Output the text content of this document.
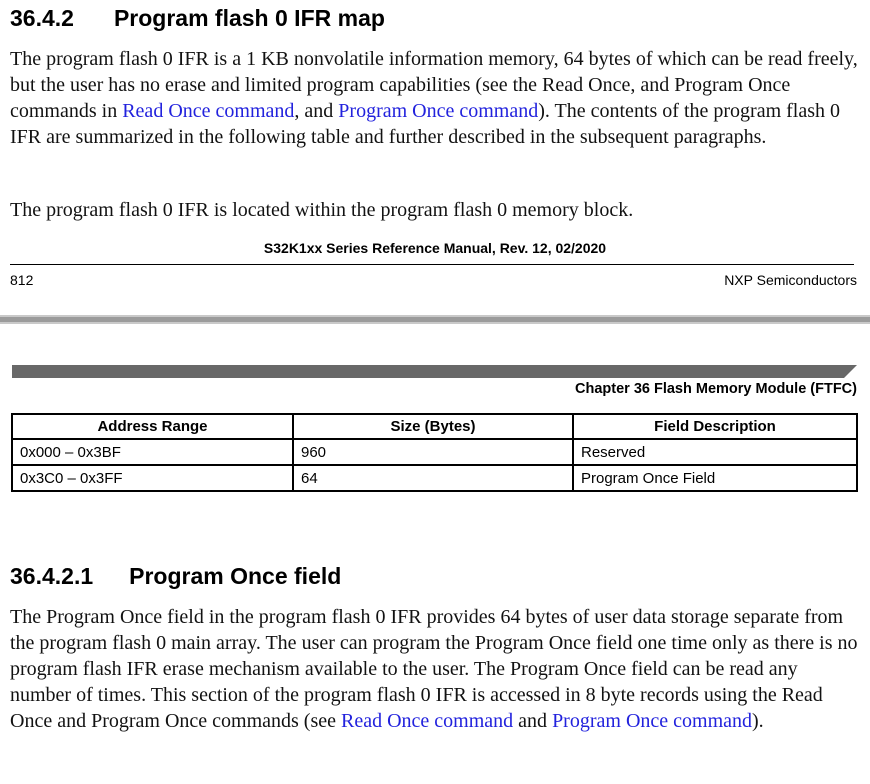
36.4.2 Program flash 0 IFR map
The program flash 0 IFR is a 1 KB nonvolatile information memory, 64 bytes of which can be read freely, but the user has no erase and limited program capabilities (see the Read Once, and Program Once commands in Read Once command, and Program Once command). The contents of the program flash 0 IFR are summarized in the following table and further described in the subsequent paragraphs.
The program flash 0 IFR is located within the program flash 0 memory block.
S32K1xx Series Reference Manual, Rev. 12, 02/2020
812	NXP Semiconductors
Chapter 36 Flash Memory Module (FTFC)
Address Range	Size (Bytes)	Field Description
0x000 – 0x3BF	960	Reserved
0x3C0 – 0x3FF	64	Program Once Field
36.4.2.1 Program Once field
The Program Once field in the program flash 0 IFR provides 64 bytes of user data storage separate from the program flash 0 main array. The user can program the Program Once field one time only as there is no program flash IFR erase mechanism available to the user. The Program Once field can be read any number of times. This section of the program flash 0 IFR is accessed in 8 byte records using the Read Once and Program Once commands (see Read Once command and Program Once command).
